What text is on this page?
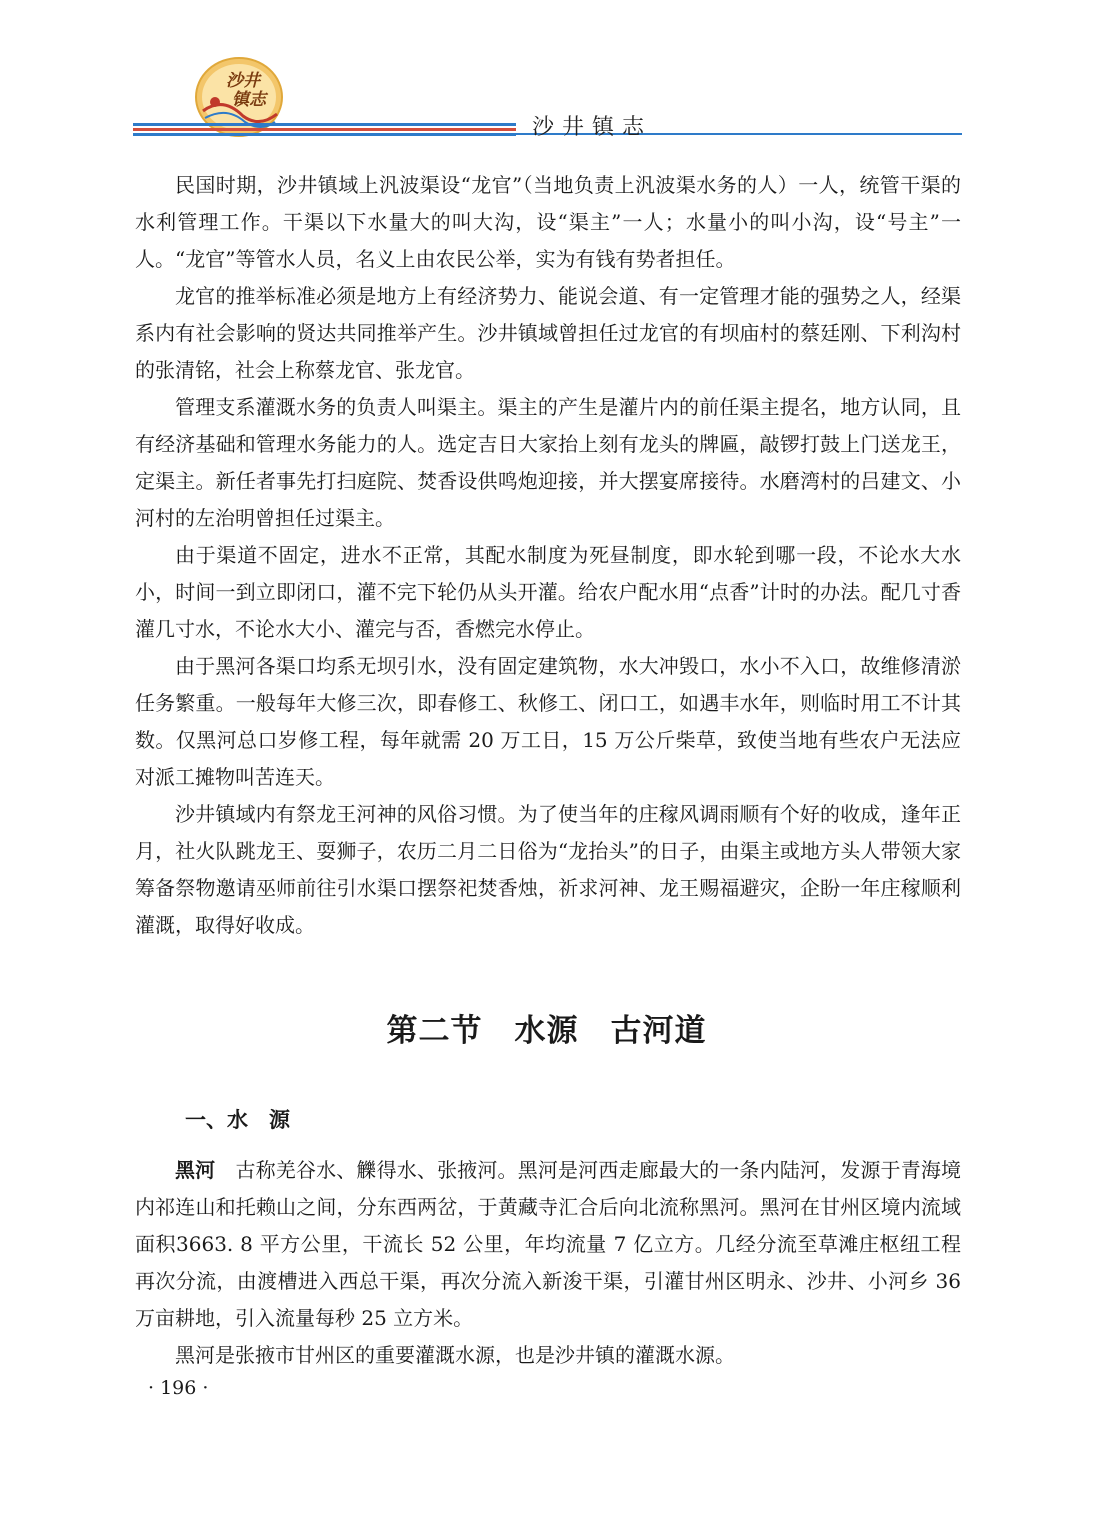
沙井
镇志
沙井镇志

民国时期，沙井镇域上汎波渠设“龙官”（当地负责上汎波渠水务的人）一人，统管干渠的水利管理工作。干渠以下水量大的叫大沟，设“渠主”一人；水量小的叫小沟，设“号主”一人。“龙官”等管水人员，名义上由农民公举，实为有钱有势者担任。

龙官的推举标准必须是地方上有经济势力、能说会道、有一定管理才能的强势之人，经渠系内有社会影响的贤达共同推举产生。沙井镇域曾担任过龙官的有坝庙村的蔡廷刚、下利沟村的张清铭，社会上称蔡龙官、张龙官。

管理支系灌溉水务的负责人叫渠主。渠主的产生是灌片内的前任渠主提名，地方认同，且有经济基础和管理水务能力的人。选定吉日大家抬上刻有龙头的牌匾，敲锣打鼓上门送龙王，定渠主。新任者事先打扫庭院、焚香设供鸣炮迎接，并大摆宴席接待。水磨湾村的吕建文、小河村的左治明曾担任过渠主。

由于渠道不固定，进水不正常，其配水制度为死昼制度，即水轮到哪一段，不论水大水小，时间一到立即闭口，灌不完下轮仍从头开灌。给农户配水用“点香”计时的办法。配几寸香灌几寸水，不论水大小、灌完与否，香燃完水停止。

由于黑河各渠口均系无坝引水，没有固定建筑物，水大冲毁口，水小不入口，故维修清淤任务繁重。一般每年大修三次，即春修工、秋修工、闭口工，如遇丰水年，则临时用工不计其数。仅黑河总口岁修工程，每年就需 20 万工日，15 万公斤柴草，致使当地有些农户无法应对派工摊物叫苦连天。

沙井镇域内有祭龙王河神的风俗习惯。为了使当年的庄稼风调雨顺有个好的收成，逢年正月，社火队跳龙王、耍狮子，农历二月二日俗为“龙抬头”的日子，由渠主或地方头人带领大家筹备祭物邀请巫师前往引水渠口摆祭祀焚香烛，祈求河神、龙王赐福避灾，企盼一年庄稼顺利灌溉，取得好收成。

第二节　水源　古河道
一、水　源

黑河　古称羌谷水、觻得水、张掖河。黑河是河西走廊最大的一条内陆河，发源于青海境内祁连山和托赖山之间，分东西两岔，于黄藏寺汇合后向北流称黑河。黑河在甘州区境内流域面积3663. 8 平方公里，干流长 52 公里，年均流量 7 亿立方。几经分流至草滩庄枢纽工程再次分流，由渡槽进入西总干渠，再次分流入新浚干渠，引灌甘州区明永、沙井、小河乡 36 万亩耕地，引入流量每秒 25 立方米。

黑河是张掖市甘州区的重要灌溉水源，也是沙井镇的灌溉水源。

· 196 ·
